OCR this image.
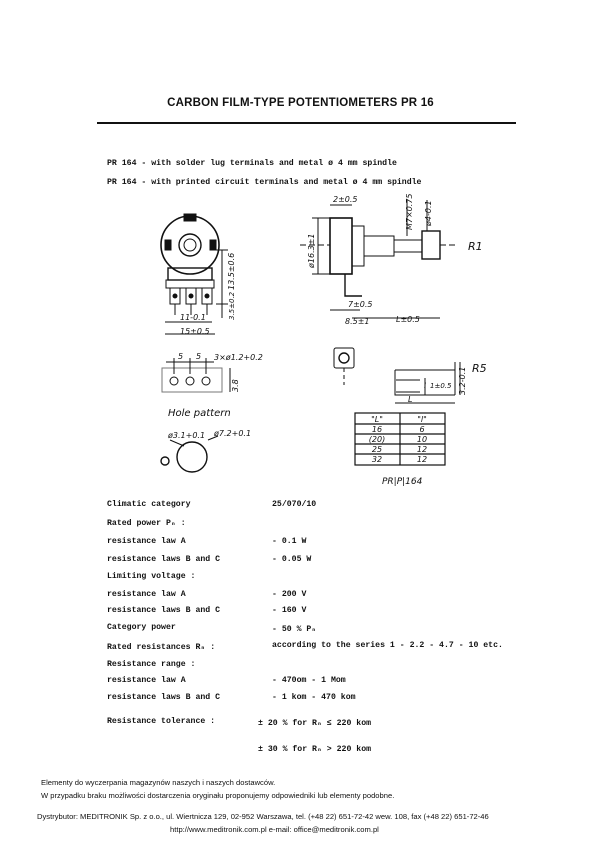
CARBON FILM-TYPE POTENTIOMETERS PR 16
PR 164 - with solder lug terminals and metal ø 4 mm spindle
PR 164 - with printed circuit terminals and metal ø 4 mm spindle
R1
R5
Hole pattern
PR|P|164
2±0.5	M7×0.75 ø4-0.1
ø16.3±1
13.5±0.6
3.5±0.2
11-0.1
15±0.5
7±0.5
8.5±1	L±0.5
5 5 3×ø1.2+0.2
3.8
ø3.1+0.1 ø7.2+0.1
L
l 1±0.5 3.2-0.1
"L"	"l"
16	6
(20)	10
25	12
32	12
Climatic category	25/070/10
Rated power Pₙ :
resistance law A	- 0.1 W
resistance laws B and C	- 0.05 W
Limiting voltage :
resistance law A	- 200 V
resistance laws B and C	- 160 V
Category power	- 50 % Pₙ
Rated resistances Rₙ :	according to the series 1 - 2.2 - 4.7 - 10 etc.
Resistance range :
resistance law A	- 470om - 1 Mom
resistance laws B and C	- 1 kom - 470 kom
Resistance tolerance :	± 20 % for Rₙ ≤ 220 kom
± 30 % for Rₙ > 220 kom
Elementy do wyczerpania magazynów naszych i naszych dostawców.
W przypadku braku możliwości dostarczenia oryginału proponujemy odpowiedniki lub elementy podobne.
Dystrybutor: MEDITRONIK Sp. z o.o., ul. Wiertnicza 129, 02-952 Warszawa, tel. (+48 22) 651-72-42 wew. 108, fax (+48 22) 651-72-46
http://www.meditronik.com.pl e-mail: office@meditronik.com.pl
